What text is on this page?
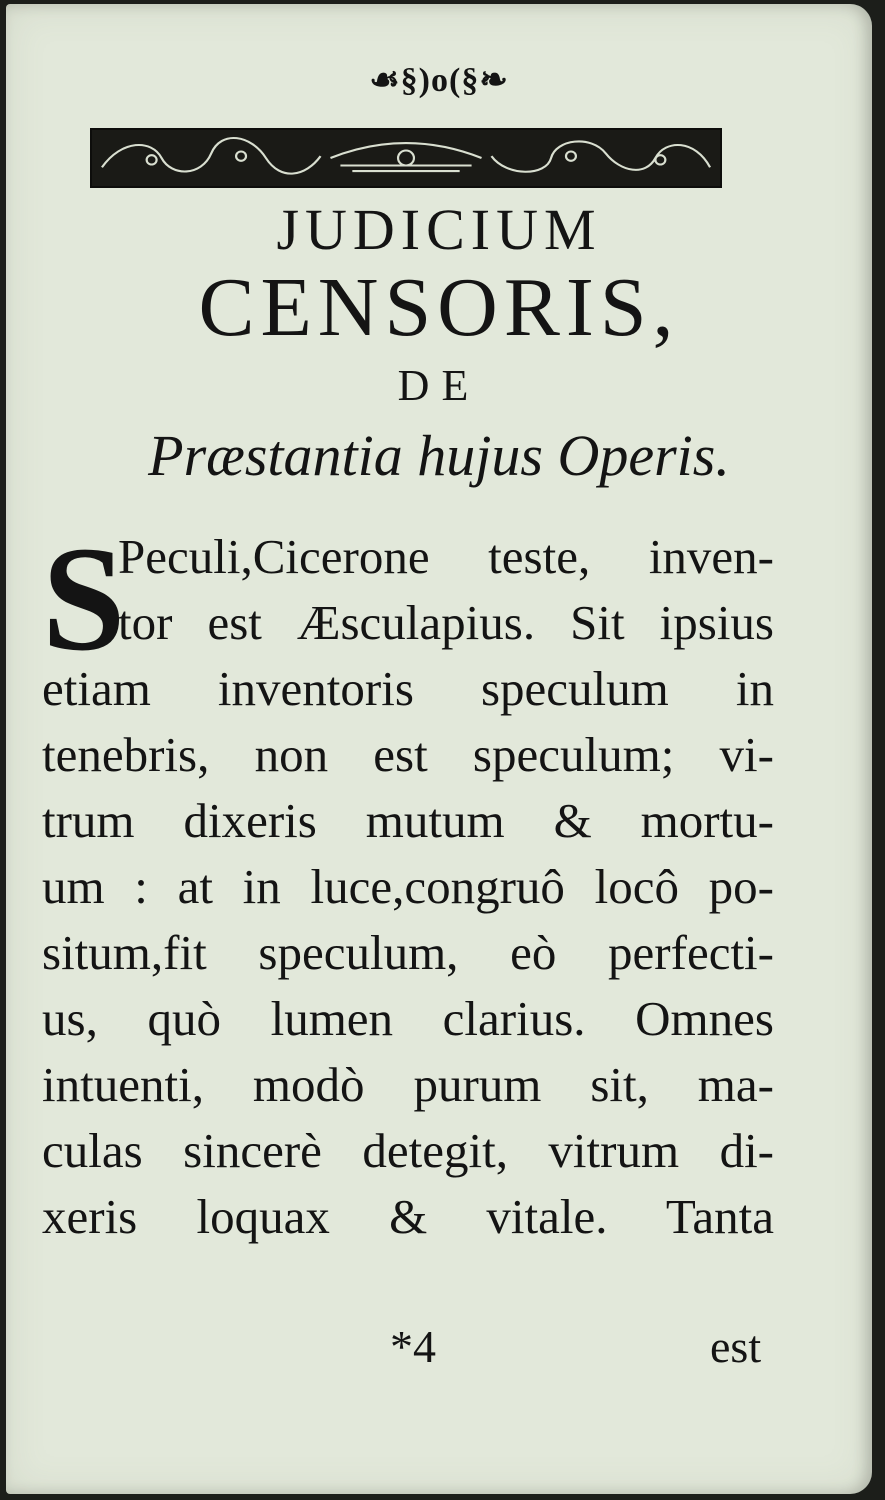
☙§)o(§❧
JUDICIUM
CENSORIS,
DE
Præstantia hujus Operis.
S
Peculi,Cicerone teste, inven-
tor est Æsculapius. Sit ipsius
etiam inventoris speculum in
tenebris, non est speculum; vi-
trum dixeris mutum & mortu-
um : at in luce,congruô locô po-
situm,fit speculum, eò perfecti-
us, quò lumen clarius. Omnes
intuenti, modò purum sit, ma-
culas sincerè detegit, vitrum di-
xeris loquax & vitale. Tanta
*4	est
